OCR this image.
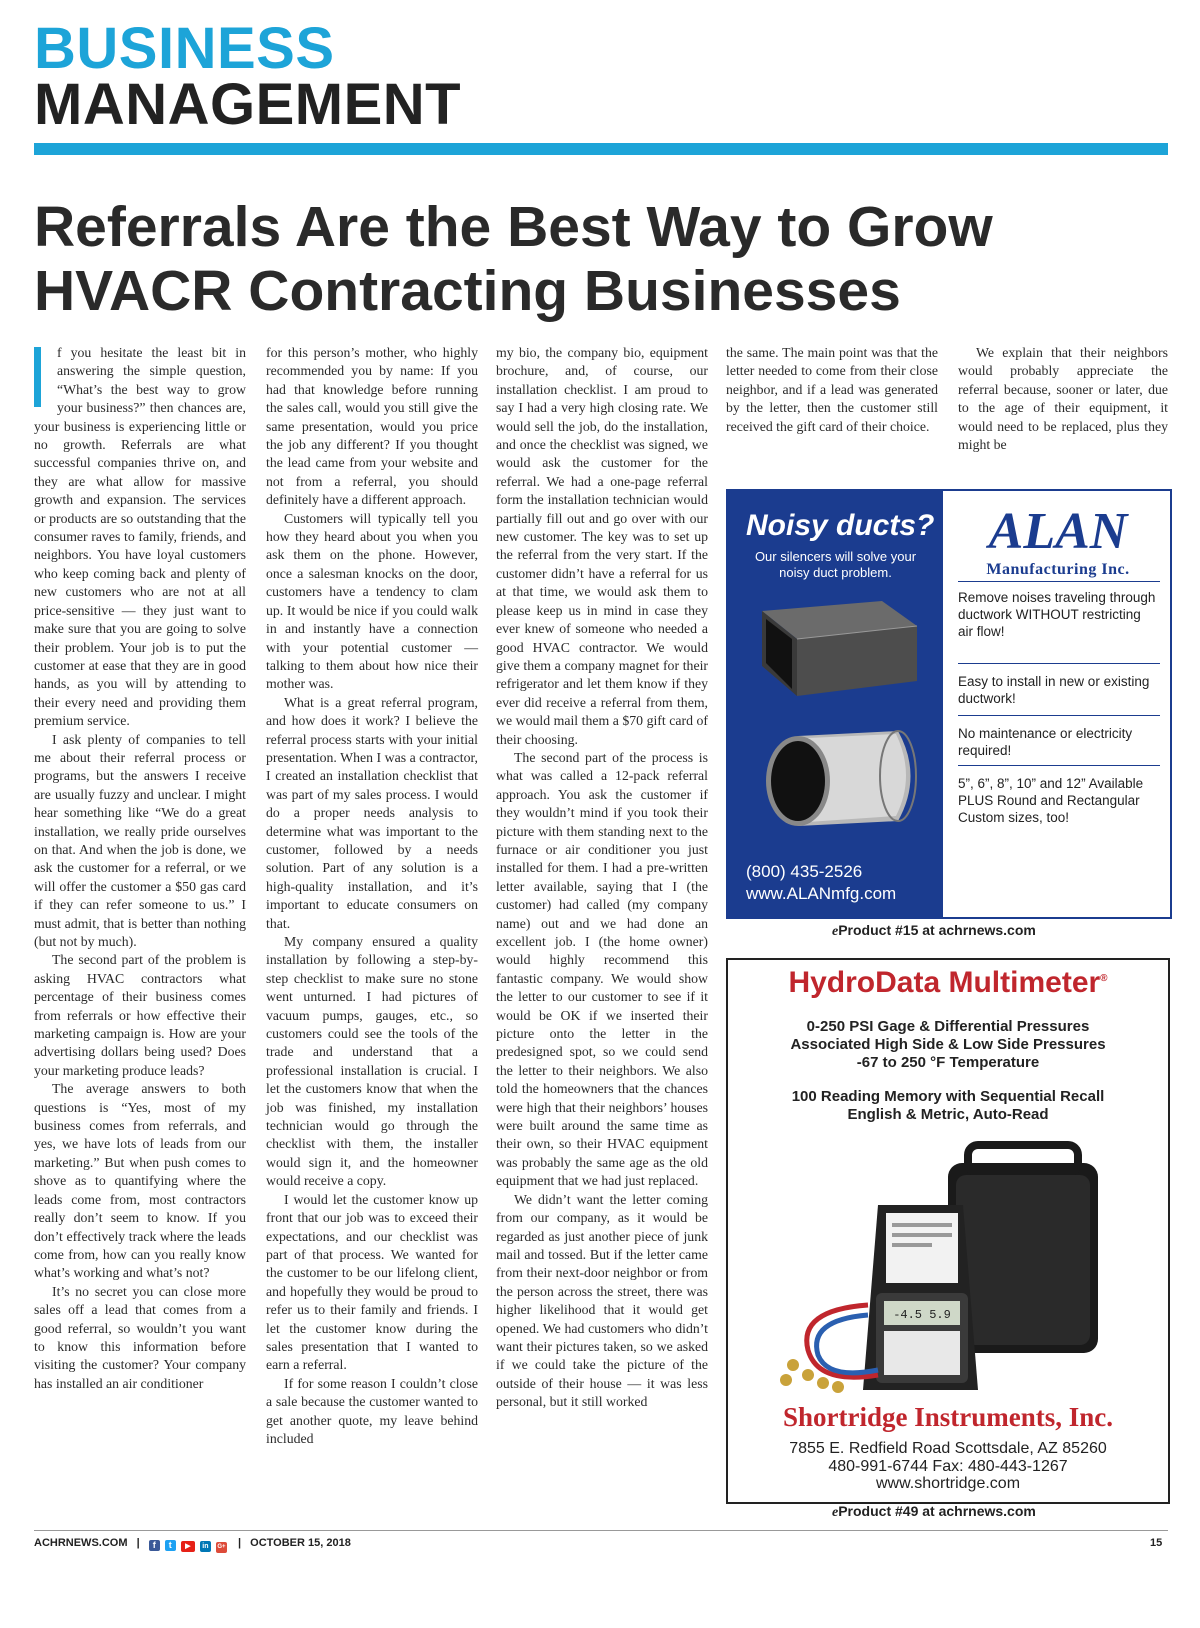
BUSINESS
MANAGEMENT
Referrals Are the Best Way to Grow HVACR Contracting Businesses

f you hesitate the least bit in answering the simple question, “What’s the best way to grow your business?” then chances are, your business is experiencing little or no growth. Referrals are what successful companies thrive on, and they are what allow for massive growth and expansion. The services or products are so outstanding that the consumer raves to family, friends, and neighbors. You have loyal customers who keep coming back and plenty of new customers who are not at all price-sensitive — they just want to make sure that you are going to solve their problem. Your job is to put the customer at ease that they are in good hands, as you will by attending to their every need and providing them premium service.

I ask plenty of companies to tell me about their referral process or programs, but the answers I receive are usually fuzzy and unclear. I might hear something like “We do a great installation, we really pride ourselves on that. And when the job is done, we ask the customer for a referral, or we will offer the customer a $50 gas card if they can refer someone to us.” I must admit, that is better than nothing (but not by much).

The second part of the problem is asking HVAC contractors what percentage of their business comes from referrals or how effective their marketing campaign is. How are your advertising dollars being used? Does your marketing produce leads?

The average answers to both questions is “Yes, most of my business comes from referrals, and yes, we have lots of leads from our marketing.” But when push comes to shove as to quantifying where the leads come from, most contractors really don’t seem to know. If you don’t effectively track where the leads come from, how can you really know what’s working and what’s not?

It’s no secret you can close more sales off a lead that comes from a good referral, so wouldn’t you want to know this information before visiting the customer? Your company has installed an air conditioner

for this person’s mother, who highly recommended you by name: If you had that knowledge before running the sales call, would you still give the same presentation, would you price the job any different? If you thought the lead came from your website and not from a referral, you should definitely have a different approach.

Customers will typically tell you how they heard about you when you ask them on the phone. However, once a salesman knocks on the door, customers have a tendency to clam up. It would be nice if you could walk in and instantly have a connection with your potential customer — talking to them about how nice their mother was.

What is a great referral program, and how does it work? I believe the referral process starts with your initial presentation. When I was a contractor, I created an installation checklist that was part of my sales process. I would do a proper needs analysis to determine what was important to the customer, followed by a needs solution. Part of any solution is a high-quality installation, and it’s important to educate consumers on that.

My company ensured a quality installation by following a step-by-step checklist to make sure no stone went unturned. I had pictures of vacuum pumps, gauges, etc., so customers could see the tools of the trade and understand that a professional installation is crucial. I let the customers know that when the job was finished, my installation technician would go through the checklist with them, the installer would sign it, and the homeowner would receive a copy.

I would let the customer know up front that our job was to exceed their expectations, and our checklist was part of that process. We wanted for the customer to be our lifelong client, and hopefully they would be proud to refer us to their family and friends. I let the customer know during the sales presentation that I wanted to earn a referral.

If for some reason I couldn’t close a sale because the customer wanted to get another quote, my leave behind included

my bio, the company bio, equipment brochure, and, of course, our installation checklist. I am proud to say I had a very high closing rate. We would sell the job, do the installation, and once the checklist was signed, we would ask the customer for the referral. We had a one-page referral form the installation technician would partially fill out and go over with our new customer. The key was to set up the referral from the very start. If the customer didn’t have a referral for us at that time, we would ask them to please keep us in mind in case they ever knew of someone who needed a good HVAC contractor. We would give them a company magnet for their refrigerator and let them know if they ever did receive a referral from them, we would mail them a $70 gift card of their choosing.

The second part of the process is what was called a 12-pack referral approach. You ask the customer if they wouldn’t mind if you took their picture with them standing next to the furnace or air conditioner you just installed for them. I had a pre-written letter available, saying that I (the customer) had called (my company name) out and we had done an excellent job. I (the home owner) would highly recommend this fantastic company. We would show the letter to our customer to see if it would be OK if we inserted their picture onto the letter in the predesigned spot, so we could send the letter to their neighbors. We also told the homeowners that the chances were high that their neighbors’ houses were built around the same time as their own, so their HVAC equipment was probably the same age as the old equipment that we had just replaced.

We didn’t want the letter coming from our company, as it would be regarded as just another piece of junk mail and tossed. But if the letter came from their next-door neighbor or from the person across the street, there was higher likelihood that it would get opened. We had customers who didn’t want their pictures taken, so we asked if we could take the picture of the outside of their house — it was less personal, but it still worked

the same. The main point was that the letter needed to come from their close neighbor, and if a lead was generated by the letter, then the customer still received the gift card of their choice.

We explain that their neighbors would probably appreciate the referral because, sooner or later, due to the age of their equipment, it would need to be replaced, plus they might be

Noisy ducts?
Our silencers will solve your noisy duct problem.
(800) 435-2526
www.ALANmfg.com
ALAN
Manufacturing Inc.
Remove noises traveling through ductwork WITHOUT restricting air flow!
Easy to install in new or existing ductwork!
No maintenance or electricity required!
5”, 6”, 8”, 10” and 12” Available PLUS Round and Rectangular Custom sizes, too!
eProduct #15 at achrnews.com
HydroData Multimeter®
0-250 PSI Gage & Differential Pressures
Associated High Side & Low Side Pressures
-67 to 250 °F Temperature
100 Reading Memory with Sequential Recall
English & Metric, Auto-Read
-4.5 5.9
Shortridge Instruments, Inc.
7855 E. Redfield Road Scottsdale, AZ 85260
480-991-6744 Fax: 480-443-1267
www.shortridge.com
eProduct #49 at achrnews.com
ACHRNEWS.COM | f t ▶ in G+ | OCTOBER 15, 2018	15
